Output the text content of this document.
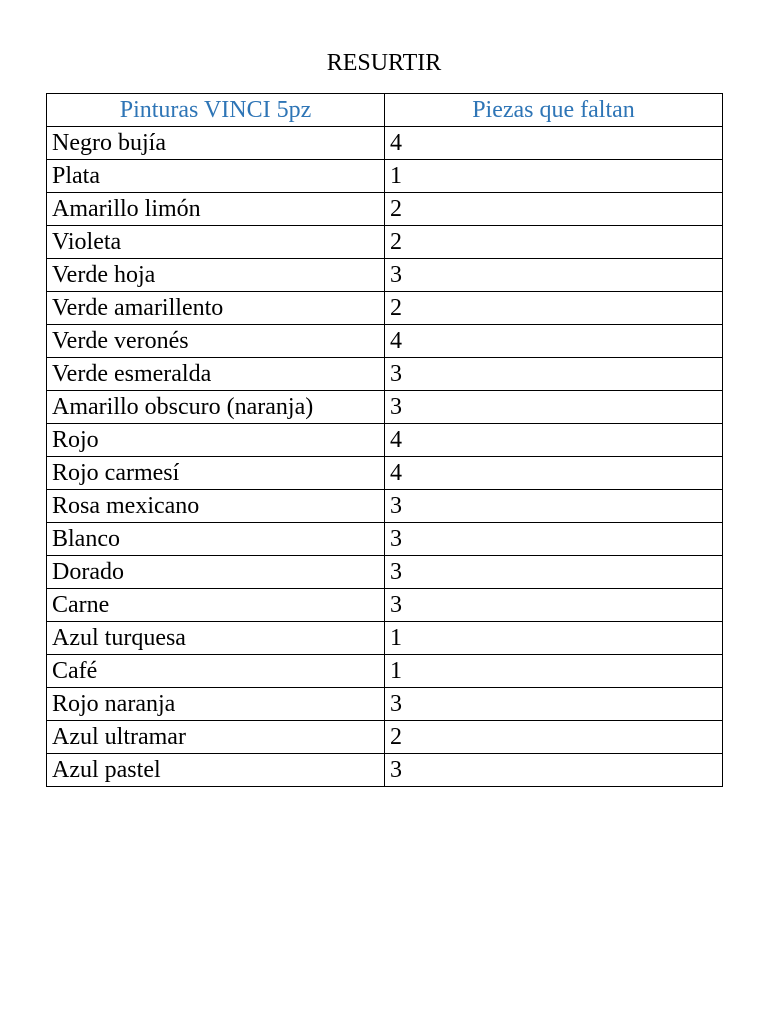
RESURTIR
Pinturas VINCI 5pz	Piezas que faltan
Negro bujía	4
Plata	1
Amarillo limón	2
Violeta	2
Verde hoja	3
Verde amarillento	2
Verde veronés	4
Verde esmeralda	3
Amarillo obscuro (naranja)	3
Rojo	4
Rojo carmesí	4
Rosa mexicano	3
Blanco	3
Dorado	3
Carne	3
Azul turquesa	1
Café	1
Rojo naranja	3
Azul ultramar	2
Azul pastel	3
